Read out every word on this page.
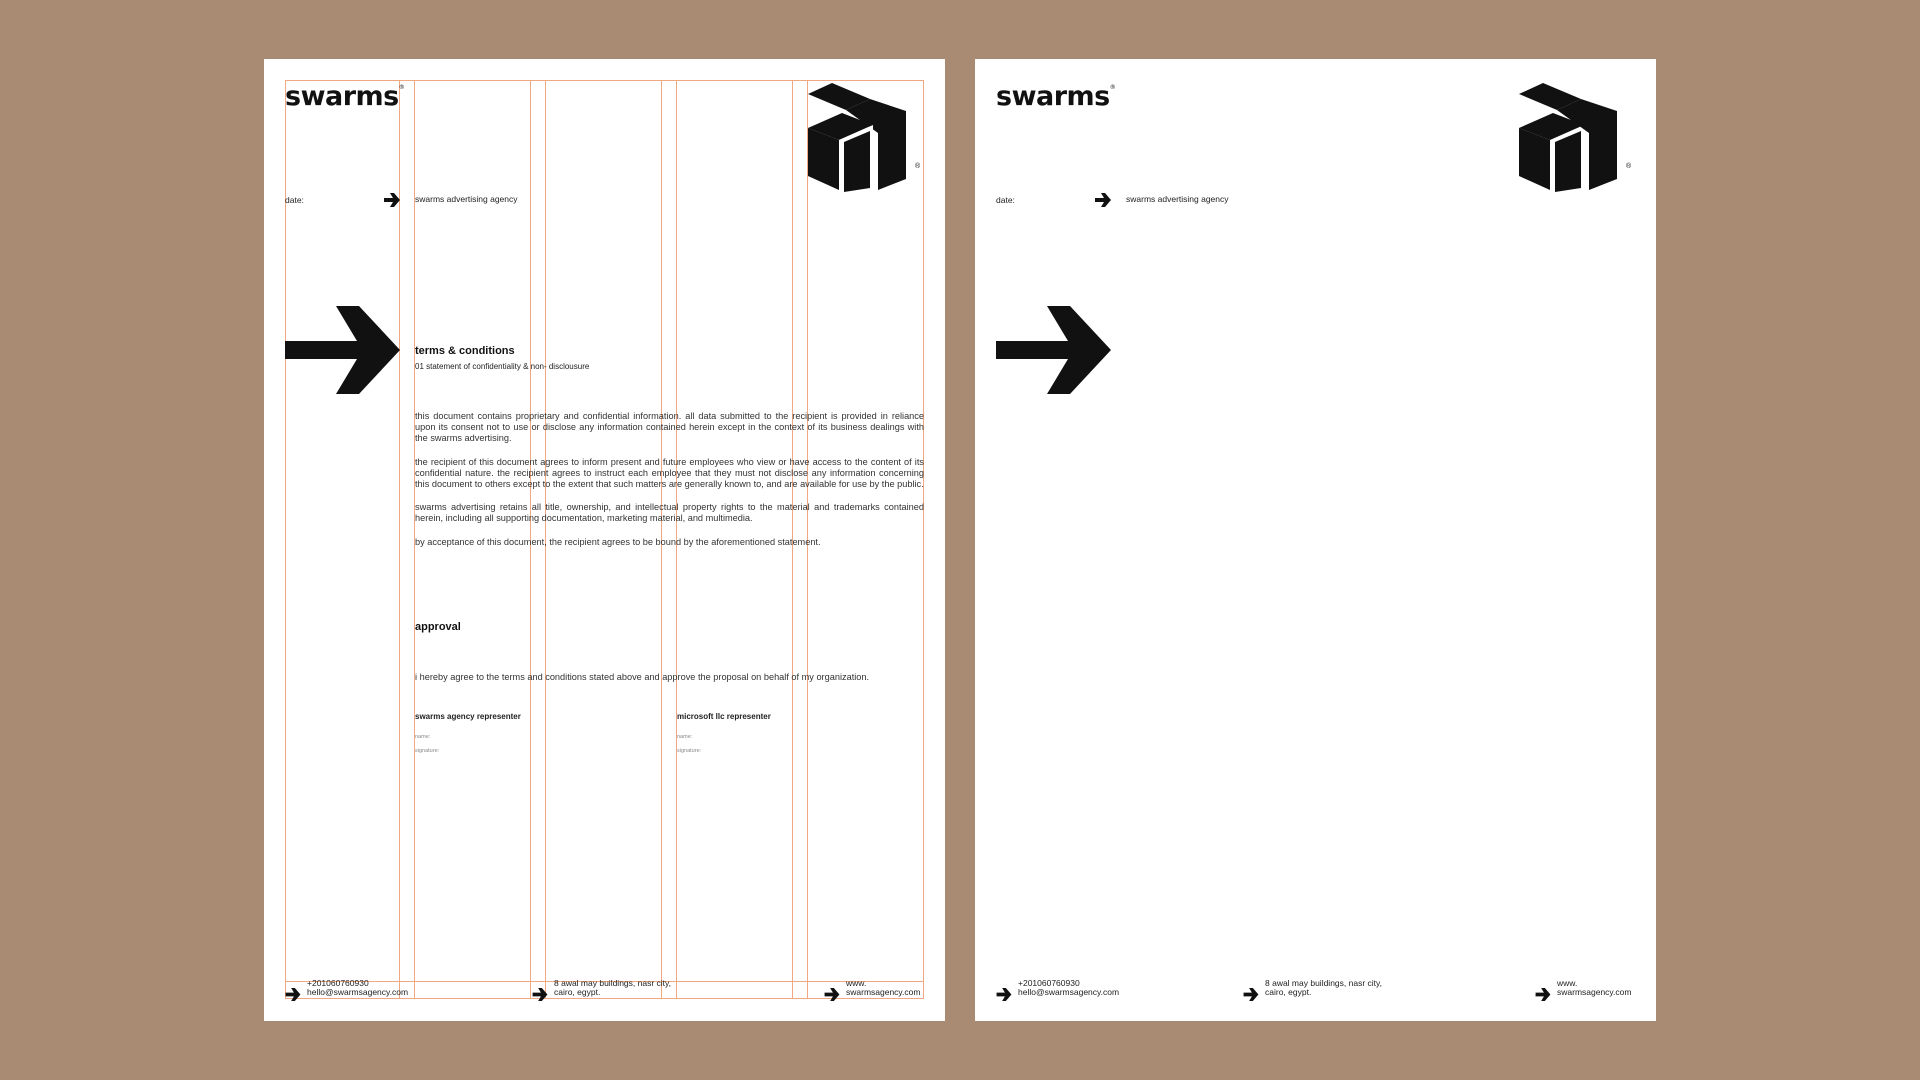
swarms®
®
date:	swarms advertising agency
terms & conditions
01 statement of confidentiality & non- disclousure

this document contains proprietary and confidential information. all data submitted to the recipient is provided in reliance upon its consent not to use or disclose any information contained herein except in the context of its business dealings with the swarms advertising.

the recipient of this document agrees to inform present and future employees who view or have access to the content of its confidential nature. the recipient agrees to instruct each employee that they must not disclose any information concerning this document to others except to the extent that such matters are generally known to, and are available for use by the public.

swarms advertising retains all title, ownership, and intellectual property rights to the material and trademarks contained herein, including all supporting documentation, marketing material, and multimedia.

by acceptance of this document, the recipient agrees to be bound by the aforementioned statement.

approval
i hereby agree to the terms and conditions stated above and approve the proposal on behalf of my organization.
swarms agency representer
name:
signature:
microsoft llc representer
name:
signature:
+201060760930
hello@swarmsagency.com
8 awal may buildings, nasr city,
cairo, egypt.
www.
swarmsagency.com
swarms®
®
date:	swarms advertising agency
+201060760930
hello@swarmsagency.com
8 awal may buildings, nasr city,
cairo, egypt.
www.
swarmsagency.com
